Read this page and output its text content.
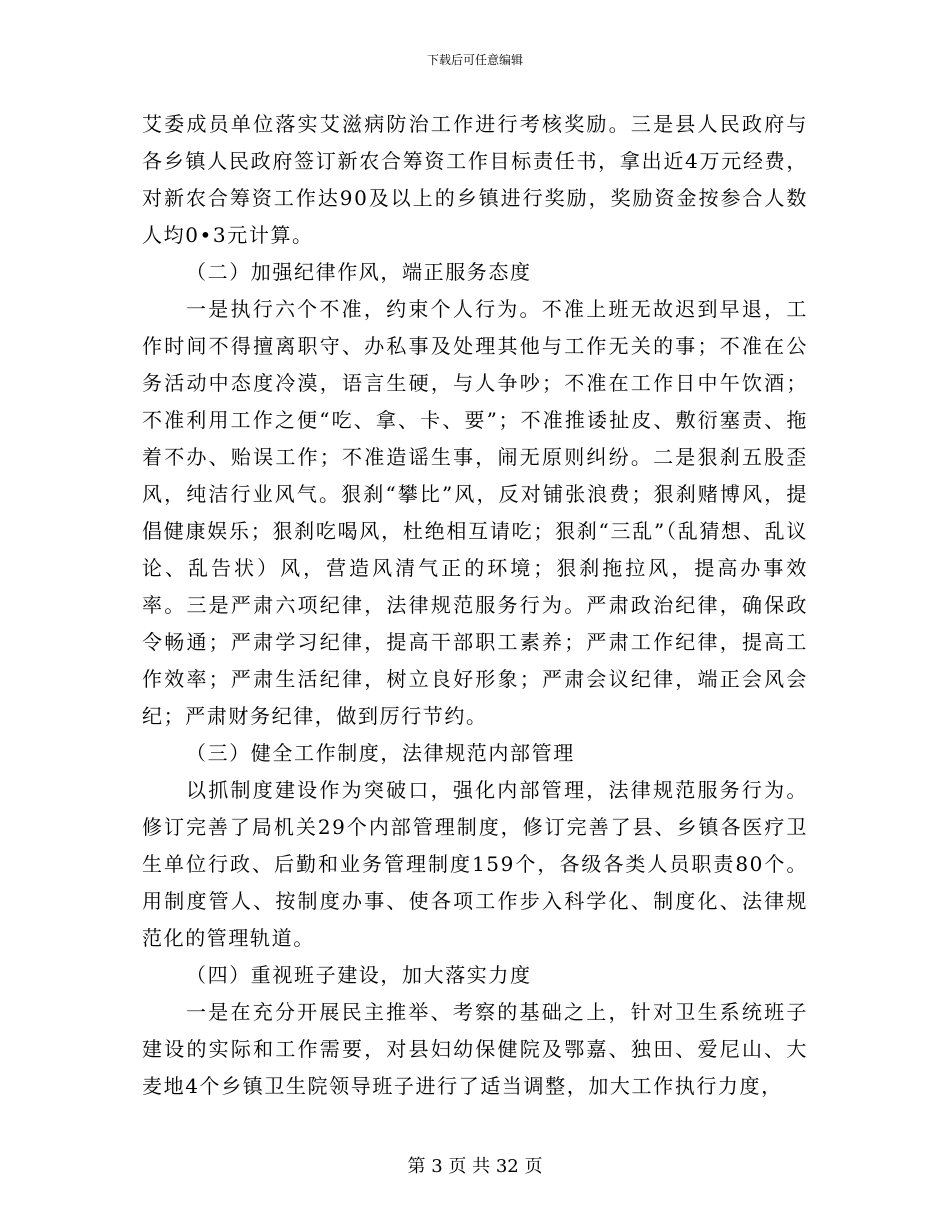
下载后可任意编辑

艾委成员单位落实艾滋病防治工作进行考核奖励。三是县人民政府与各乡镇人民政府签订新农合筹资工作目标责任书，拿出近4万元经费，对新农合筹资工作达90及以上的乡镇进行奖励，奖励资金按参合人数人均0•3元计算。

（二）加强纪律作风，端正服务态度

一是执行六个不准，约束个人行为。不准上班无故迟到早退，工作时间不得擅离职守、办私事及处理其他与工作无关的事；不准在公务活动中态度冷漠，语言生硬，与人争吵；不准在工作日中午饮酒；不准利用工作之便“吃、拿、卡、要”；不准推诿扯皮、敷衍塞责、拖着不办、贻误工作；不准造谣生事，闹无原则纠纷。二是狠刹五股歪风，纯洁行业风气。狠刹“攀比”风，反对铺张浪费；狠刹赌博风，提倡健康娱乐；狠刹吃喝风，杜绝相互请吃；狠刹“三乱”（乱猜想、乱议论、乱告状）风，营造风清气正的环境；狠刹拖拉风，提高办事效率。三是严肃六项纪律，法律规范服务行为。严肃政治纪律，确保政令畅通；严肃学习纪律，提高干部职工素养；严肃工作纪律，提高工作效率；严肃生活纪律，树立良好形象；严肃会议纪律，端正会风会纪；严肃财务纪律，做到厉行节约。

（三）健全工作制度，法律规范内部管理

以抓制度建设作为突破口，强化内部管理，法律规范服务行为。修订完善了局机关29个内部管理制度，修订完善了县、乡镇各医疗卫生单位行政、后勤和业务管理制度159个，各级各类人员职责80个。用制度管人、按制度办事、使各项工作步入科学化、制度化、法律规范化的管理轨道。

（四）重视班子建设，加大落实力度

一是在充分开展民主推举、考察的基础之上，针对卫生系统班子建设的实际和工作需要，对县妇幼保健院及鄂嘉、独田、爱尼山、大麦地4个乡镇卫生院领导班子进行了适当调整，加大工作执行力度，

第 3 页 共 32 页
